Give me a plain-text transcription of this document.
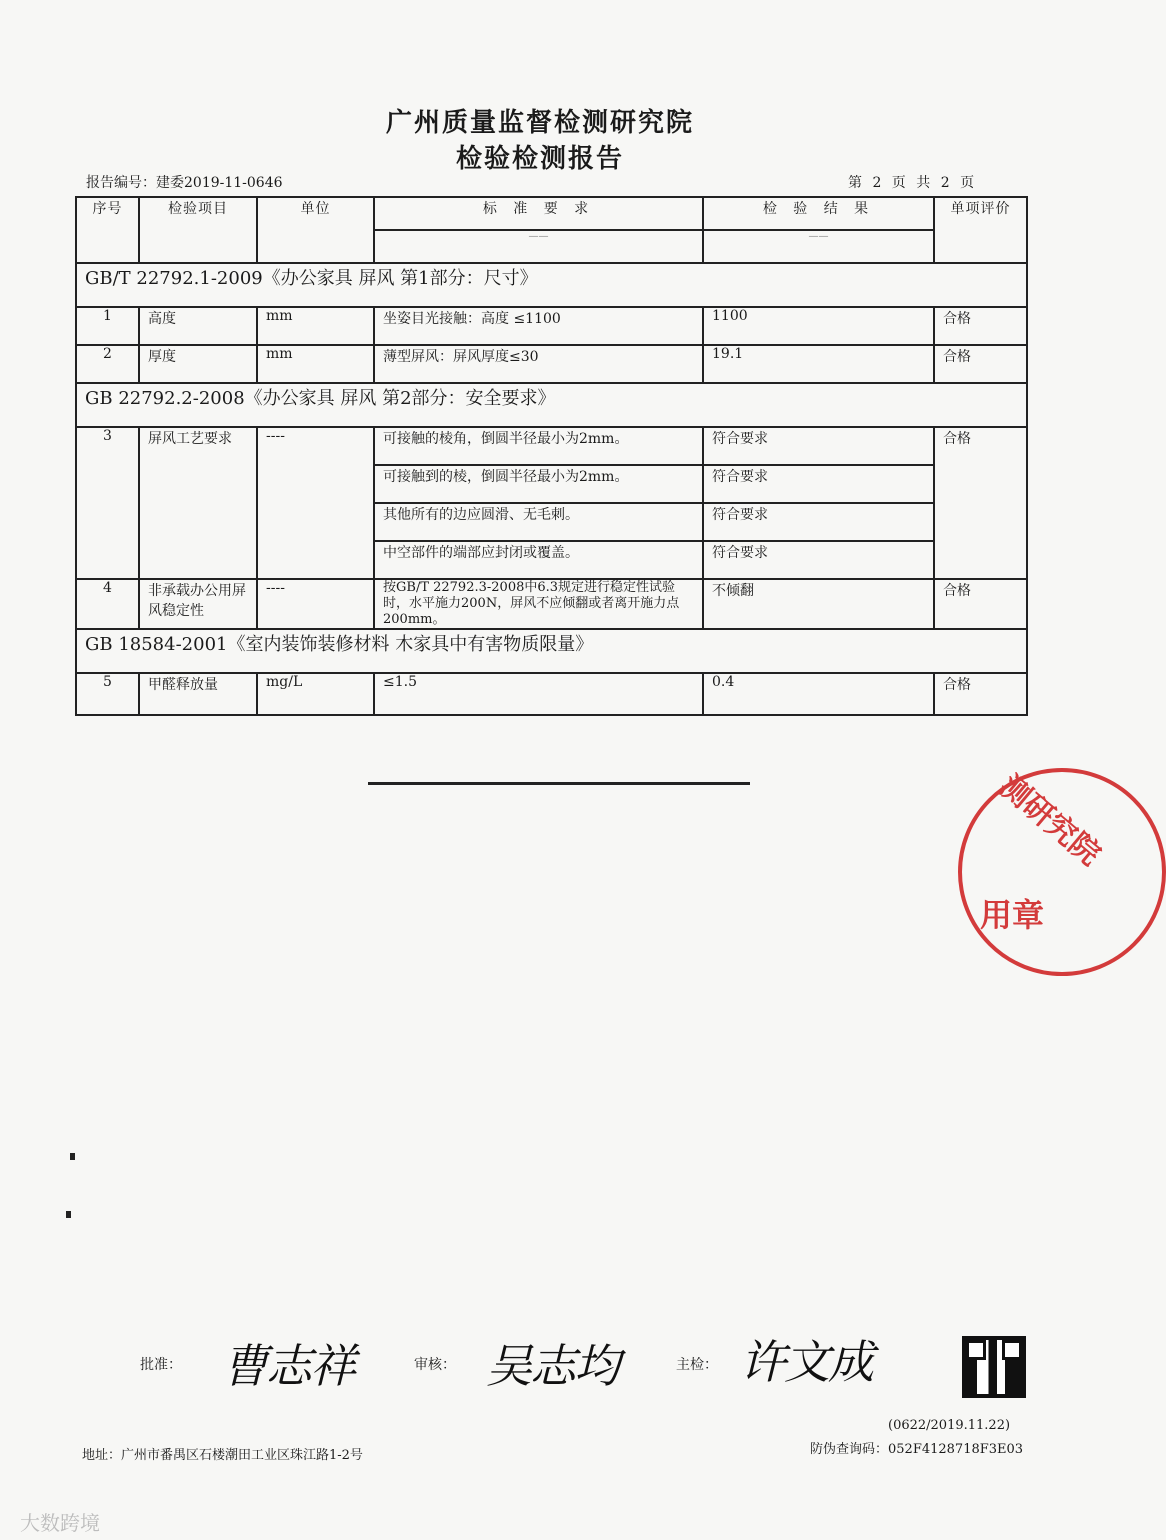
广州质量监督检测研究院
检验检测报告
报告编号：建委2019-11-0646	第 2 页 共 2 页
序号	检验项目	单位	标 准 要 求	检 验 结 果	单项评价
			——	——	
GB/T 22792.1-2009《办公家具 屏风 第1部分：尺寸》					
1	高度	mm	坐姿目光接触：高度 ≤1100	1100	合格
2	厚度	mm	薄型屏风：屏风厚度≤30	19.1	合格
GB 22792.2-2008《办公家具 屏风 第2部分：安全要求》					
3	屏风工艺要求	----	可接触的棱角，倒圆半径最小为2mm。	符合要求	合格
			可接触到的棱，倒圆半径最小为2mm。	符合要求	
			其他所有的边应圆滑、无毛刺。	符合要求	
			中空部件的端部应封闭或覆盖。	符合要求	
4	非承载办公用屏风稳定性	----	按GB/T 22792.3-2008中6.3规定进行稳定性试验时，水平施力200N，屏风不应倾翻或者离开施力点200mm。	不倾翻	合格
GB 18584-2001《室内装饰装修材料 木家具中有害物质限量》					
5	甲醛释放量	mg/L	≤1.5	0.4	合格
测研究院
用章
批准： 曹志祥	审核： 吴志均	主检： 许文成
(0622/2019.11.22)
地址：广州市番禺区石楼潮田工业区珠江路1-2号	防伪查询码：052F4128718F3E03
大数跨境
